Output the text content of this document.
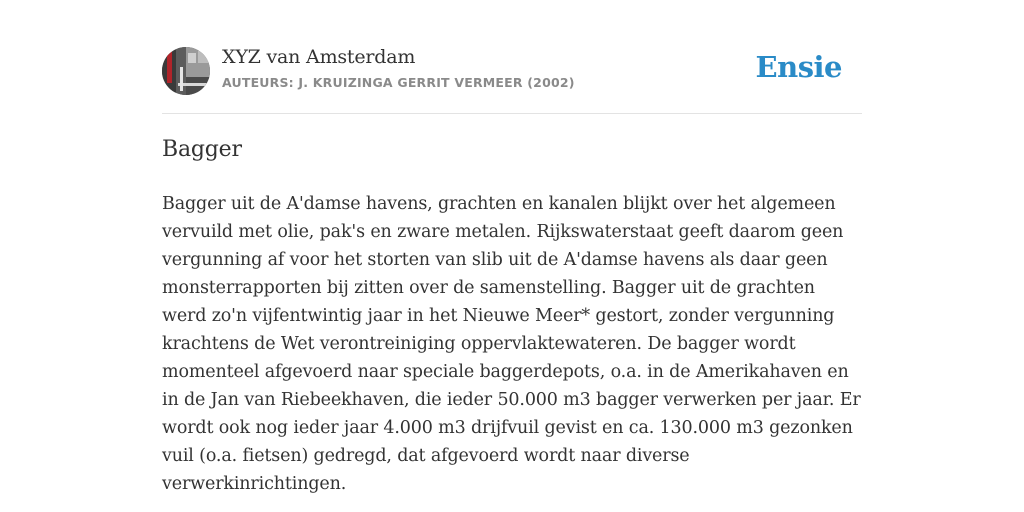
XYZ van Amsterdam
AUTEURS: J. KRUIZINGA GERRIT VERMEER (2002)	Ensie
Bagger

Bagger uit de A'damse havens, grachten en kanalen blijkt over het algemeen vervuild met olie, pak's en zware metalen. Rijkswaterstaat geeft daarom geen vergunning af voor het storten van slib uit de A'damse havens als daar geen monsterrapporten bij zitten over de samenstelling. Bagger uit de grachten werd zo'n vijfentwintig jaar in het Nieuwe Meer* gestort, zonder vergunning krachtens de Wet verontreiniging oppervlaktewateren. De bagger wordt momenteel afgevoerd naar speciale baggerdepots, o.a. in de Amerikahaven en in de Jan van Riebeekhaven, die ieder 50.000 m3 bagger verwerken per jaar. Er wordt ook nog ieder jaar 4.000 m3 drijfvuil gevist en ca. 130.000 m3 gezonken vuil (o.a. fietsen) gedregd, dat afgevoerd wordt naar diverse verwerkinrichtingen.
